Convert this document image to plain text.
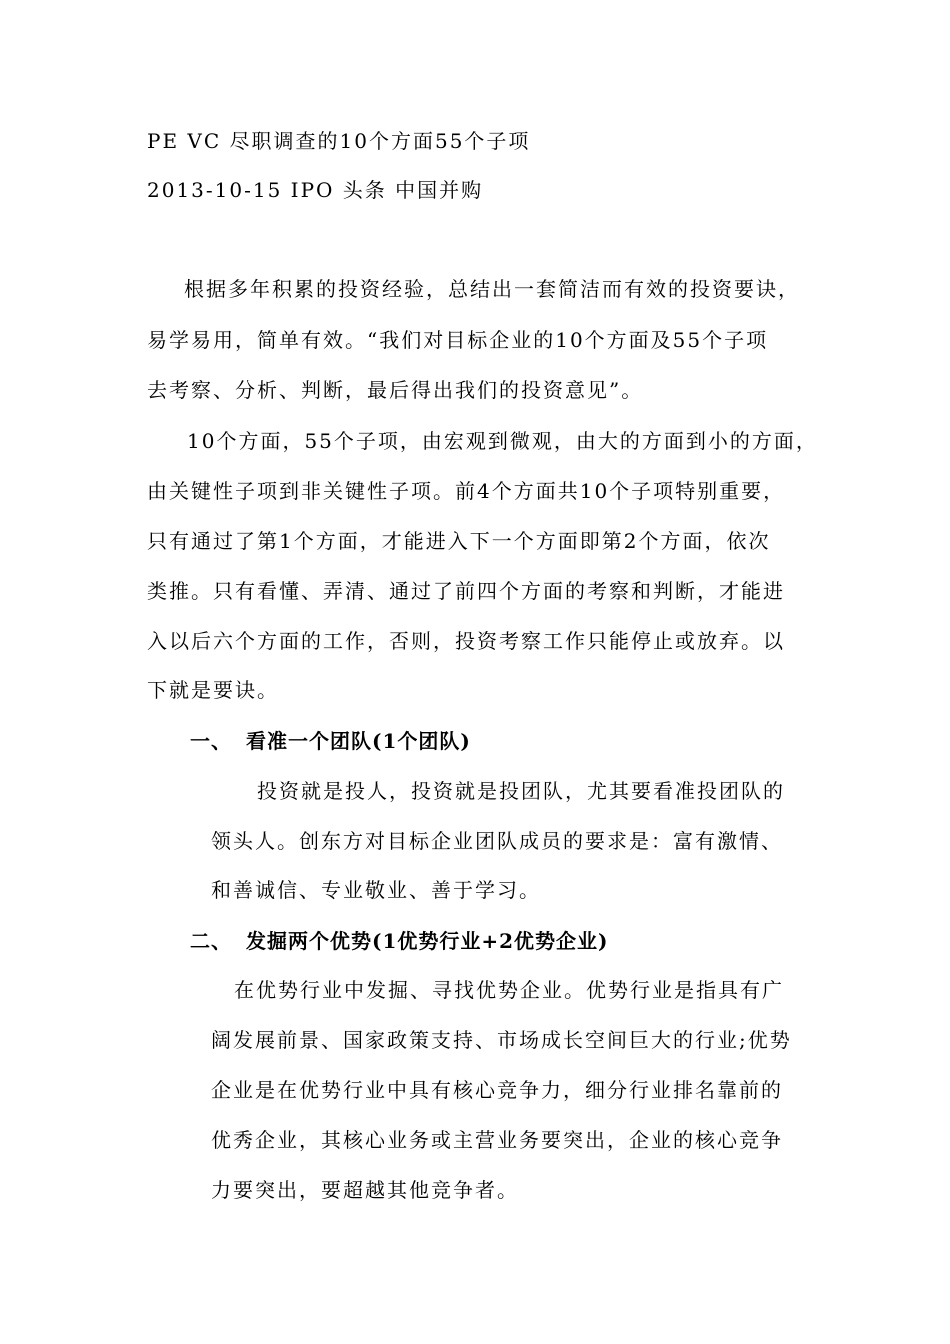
PE VC 尽职调查的10个方面55个子项
2013-10-15 IPO 头条 中国并购
根据多年积累的投资经验，总结出一套简洁而有效的投资要诀，
易学易用，简单有效。“我们对目标企业的10个方面及55个子项
去考察、分析、判断，最后得出我们的投资意见”。
10个方面，55个子项，由宏观到微观，由大的方面到小的方面，
由关键性子项到非关键性子项。前4个方面共10个子项特别重要，
只有通过了第1个方面，才能进入下一个方面即第2个方面，依次
类推。只有看懂、弄清、通过了前四个方面的考察和判断，才能进
入以后六个方面的工作，否则，投资考察工作只能停止或放弃。以
下就是要诀。
一、 看准一个团队(1个团队)
投资就是投人，投资就是投团队，尤其要看准投团队的
领头人。创东方对目标企业团队成员的要求是：富有激情、
和善诚信、专业敬业、善于学习。
二、 发掘两个优势(1优势行业+2优势企业)
在优势行业中发掘、寻找优势企业。优势行业是指具有广
阔发展前景、国家政策支持、市场成长空间巨大的行业;优势
企业是在优势行业中具有核心竞争力，细分行业排名靠前的
优秀企业，其核心业务或主营业务要突出，企业的核心竞争
力要突出，要超越其他竞争者。
